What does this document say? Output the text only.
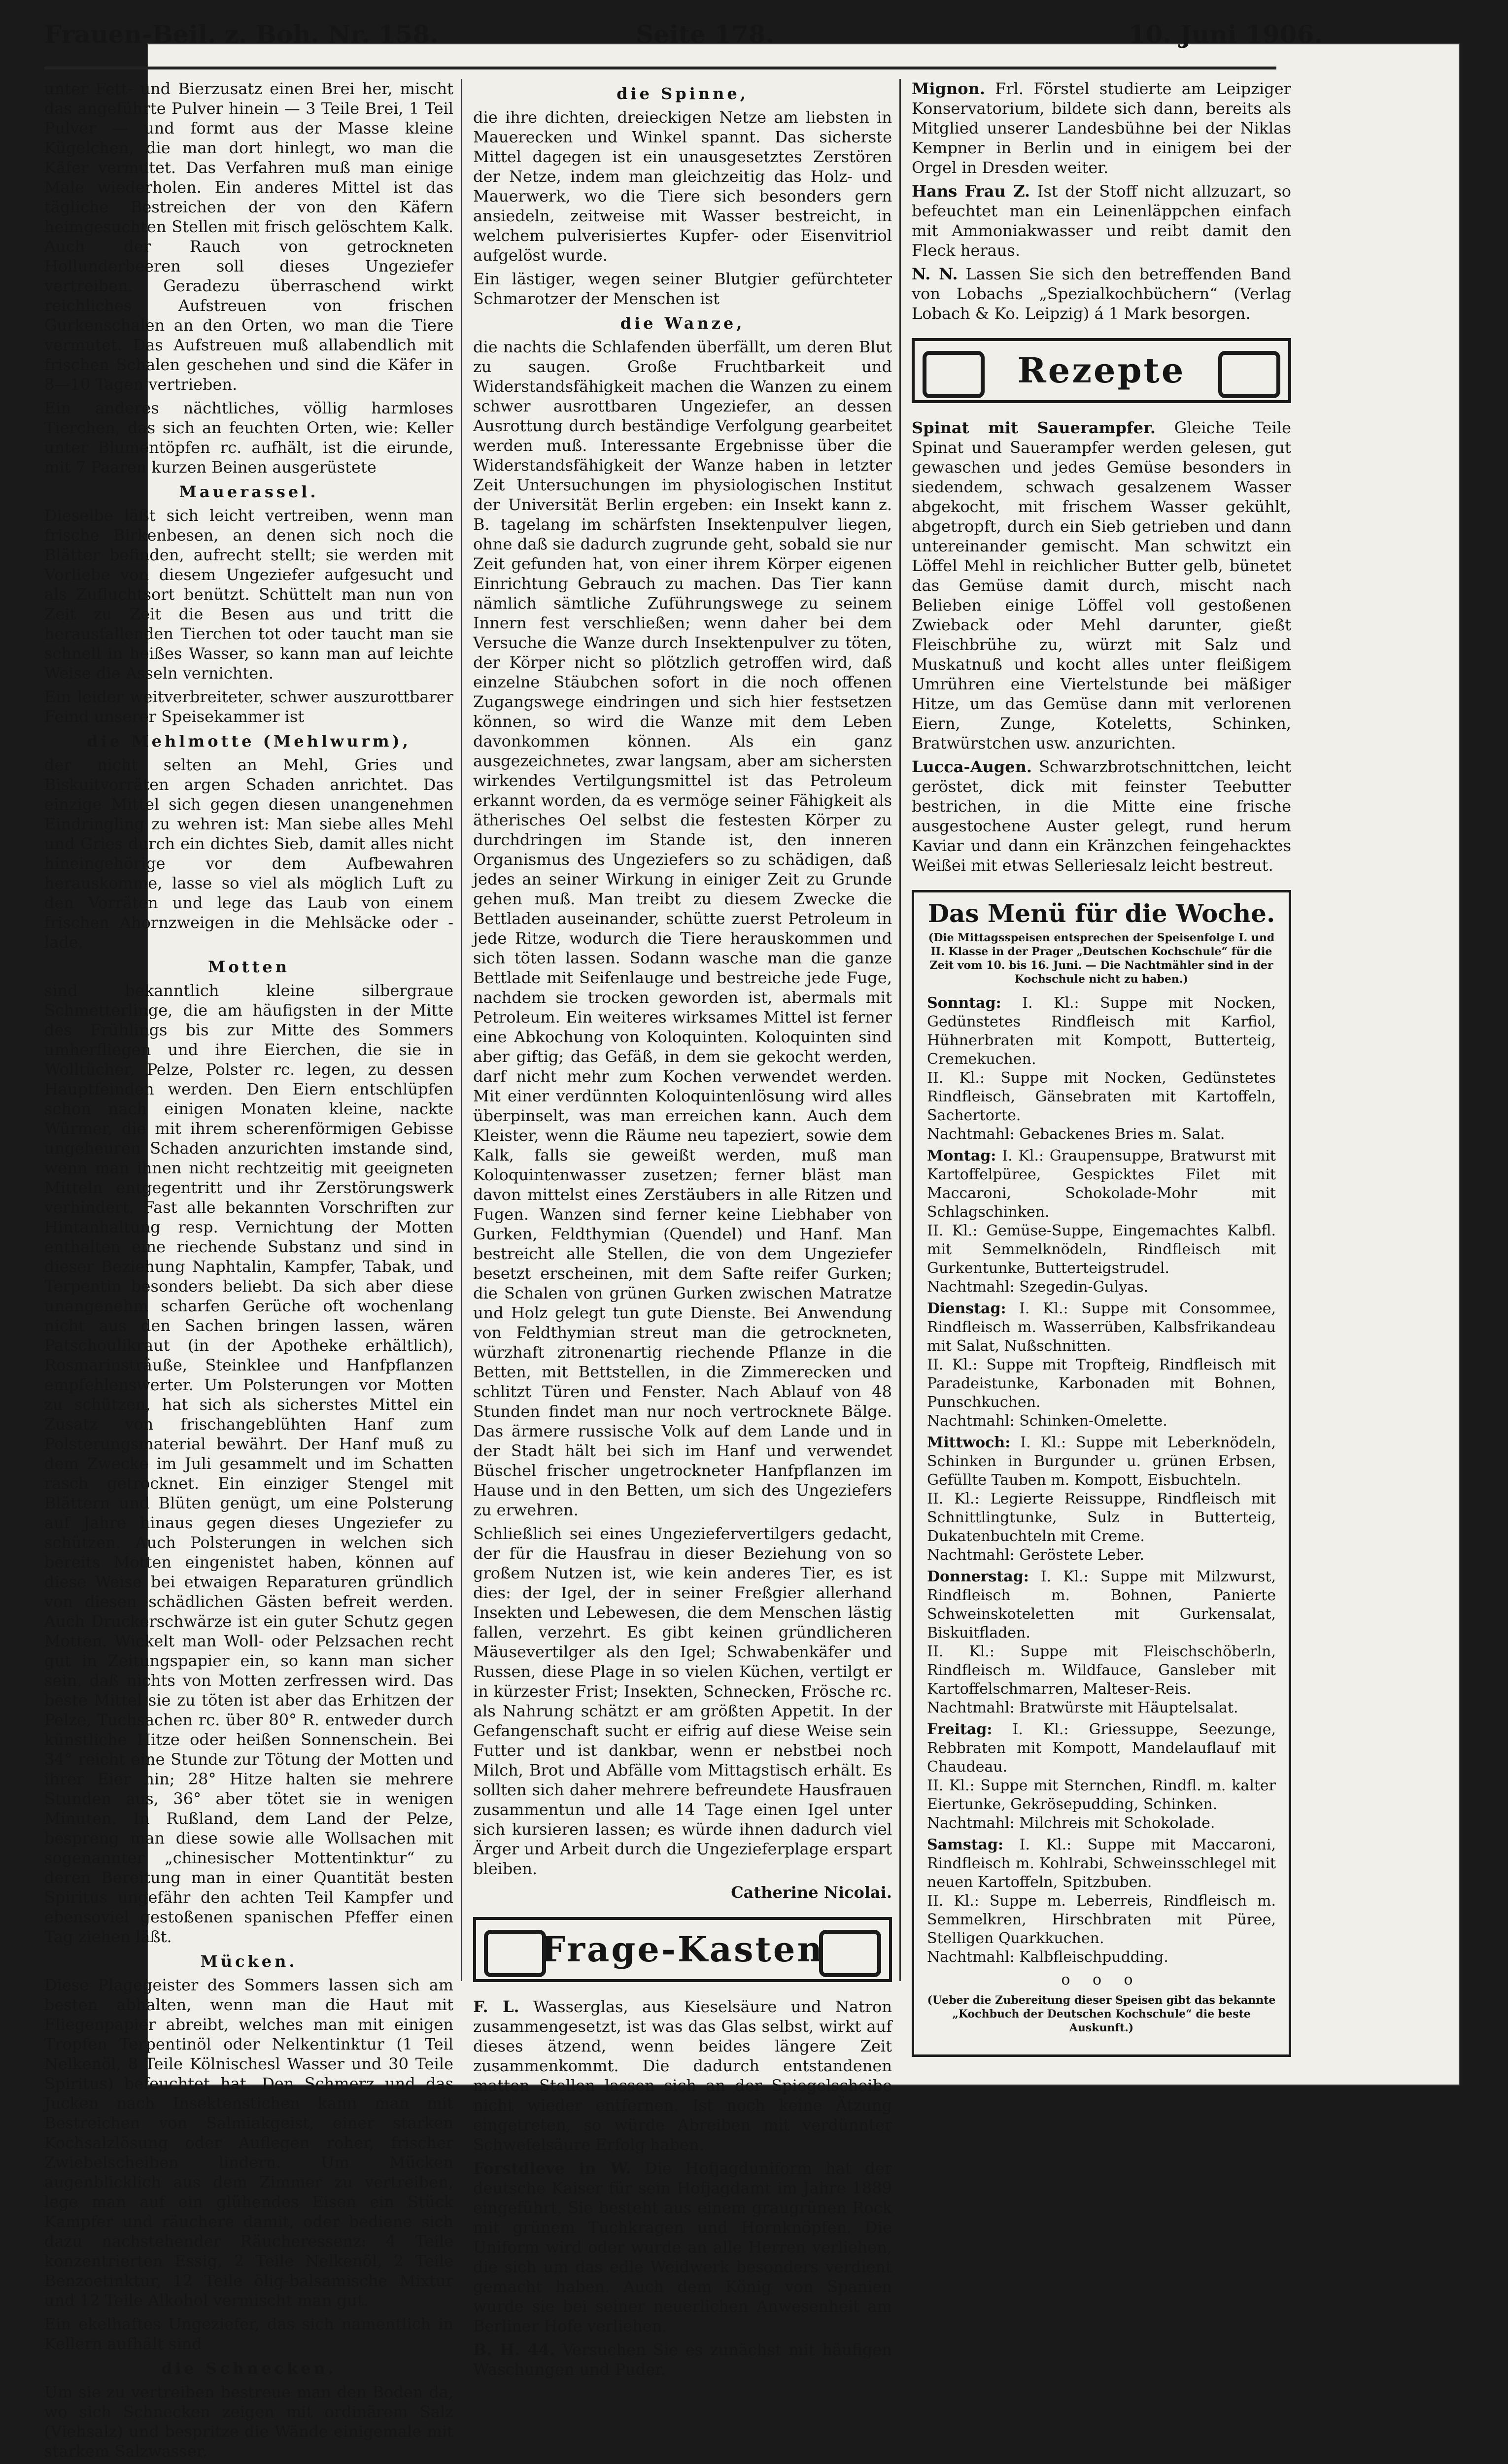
Frauen-Beil. z. Boh. Nr. 158.	Seite 178.	10. Juni 1906.

unter Fett- und Bierzusatz einen Brei her, mischt das angeführte Pulver hinein — 3 Teile Brei, 1 Teil Pulver — und formt aus der Masse kleine Kügelchen, die man dort hinlegt, wo man die Käfer vermutet. Das Verfahren muß man einige Male wiederholen. Ein anderes Mittel ist das tägliche Bestreichen der von den Käfern heimgesuchten Stellen mit frisch gelöschtem Kalk. Auch der Rauch von getrockneten Hollunderbeeren soll dieses Ungeziefer vertreiben. Geradezu überraschend wirkt reichliches Aufstreuen von frischen Gurkenschalen an den Orten, wo man die Tiere vermutet. Das Aufstreuen muß allabendlich mit frischen Schalen geschehen und sind die Käfer in 8—10 Tagen vertrieben.

Ein anderes nächtliches, völlig harmloses Tierchen, das sich an feuchten Orten, wie: Keller unter Blumentöpfen rc. aufhält, ist die eirunde, mit 7 Paaren kurzen Beinen ausgerüstete

Mauerassel.

Dieselbe läßt sich leicht vertreiben, wenn man frische Birkenbesen, an denen sich noch die Blätter befinden, aufrecht stellt; sie werden mit Vorliebe von diesem Ungeziefer aufgesucht und als Zufluchtsort benützt. Schüttelt man nun von Zeit zu Zeit die Besen aus und tritt die herausfallenden Tierchen tot oder taucht man sie schnell in heißes Wasser, so kann man auf leichte Weise die Asseln vernichten.

Ein leider weitverbreiteter, schwer auszurottbarer Feind unserer Speisekammer ist

die Mehlmotte (Mehlwurm),

der nicht selten an Mehl, Gries und Biskuitvorräten argen Schaden anrichtet. Das einzige Mittel sich gegen diesen unangenehmen Eindringling zu wehren ist: Man siebe alles Mehl und Gries durch ein dichtes Sieb, damit alles nicht hineingehörige vor dem Aufbewahren herauskomme, lasse so viel als möglich Luft zu den Vorräten und lege das Laub von einem frischen Ahornzweigen in die Mehlsäcke oder -lade.

Motten

sind bekanntlich kleine silbergraue Schmetterlinge, die am häufigsten in der Mitte des Frühlings bis zur Mitte des Sommers umherfliegen und ihre Eierchen, die sie in Wolltücher, Pelze, Polster rc. legen, zu dessen Hauptfeinden werden. Den Eiern entschlüpfen schon nach einigen Monaten kleine, nackte Würmer, die mit ihrem scherenförmigen Gebisse ungeheuren Schaden anzurichten imstande sind, wenn man ihnen nicht rechtzeitig mit geeigneten Mitteln entgegentritt und ihr Zerstörungswerk verhindert. Fast alle bekannten Vorschriften zur Hintanhaltung resp. Vernichtung der Motten enthalten eine riechende Substanz und sind in dieser Beziehung Naphtalin, Kampfer, Tabak, und Terpentin besonders beliebt. Da sich aber diese unangenehm scharfen Gerüche oft wochenlang nicht aus den Sachen bringen lassen, wären Patschoulikraut (in der Apotheke erhältlich), Rosmarinsträuße, Steinklee und Hanfpflanzen empfehlenswerter. Um Polsterungen vor Motten zu schützen, hat sich als sicherstes Mittel ein Zusatz von frischangeblühten Hanf zum Polsterungsmaterial bewährt. Der Hanf muß zu dem Zwecke im Juli gesammelt und im Schatten rasch getrocknet. Ein einziger Stengel mit Blättern und Blüten genügt, um eine Polsterung auf Jahre hinaus gegen dieses Ungeziefer zu schützen. Auch Polsterungen in welchen sich bereits Motten eingenistet haben, können auf diese Weise bei etwaigen Reparaturen gründlich von diesen schädlichen Gästen befreit werden. Auch Druckerschwärze ist ein guter Schutz gegen Motten. Wickelt man Woll- oder Pelzsachen recht gut in Zeitungspapier ein, so kann man sicher sein, daß nichts von Motten zerfressen wird. Das beste Mittel sie zu töten ist aber das Erhitzen der Pelze, Tuchsachen rc. über 80° R. entweder durch künstliche Hitze oder heißen Sonnenschein. Bei 34° reicht eine Stunde zur Tötung der Motten und ihrer Eier hin; 28° Hitze halten sie mehrere Stunden aus, 36° aber tötet sie in wenigen Minuten. In Rußland, dem Land der Pelze, bespreng man diese sowie alle Wollsachen mit sogenannter „chinesischer Mottentinktur“ zu deren Bereitung man in einer Quantität besten Spiritus ungefähr den achten Teil Kampfer und ebensoviel gestoßenen spanischen Pfeffer einen Tag ziehen läßt.

Mücken.

Diese Plagegeister des Sommers lassen sich am besten abhalten, wenn man die Haut mit Fliegenpapier abreibt, welches man mit einigen Tropfen Terpentinöl oder Nelkentinktur (1 Teil Nelkenöl, 8 Teile Kölnischesl Wasser und 30 Teile Spiritus) befeuchtet hat. Den Schmerz und das Jucken nach Insektenstichen kann man mit Bestreichen von Salmiakgeist, einer starken Kochsalzlösung oder Auflegen roher, frischer Zwiebelscheiben lindern. Um Mücken augenblicklich aus dem Zimmer zu vertreiben, lege man auf ein glühendes Eisen ein Stück Kampfer und räuchere damit, oder bediene sich dazu nachstehender Räucheressenz: 4 Teile konzentrierten Essig, 2 Teile Nelkenöl, 2 Teile Benzoetinktur, 12 Teile ölig-balsamische Mixtur und 12 Teile Alkohol vermischt man gut.

Ein ekelhaftes Ungeziefer, das sich namentlich in Kellern aufhält sind

die Schnecken.

Um sie zu vertreiben bestreue man den Boden da, wo sich Schnecken zeigen mit ordinärem Salz (Viehsalz) und bespritze die Wände einigemale mit starkem Salzwasser.

die Spinne,

die ihre dichten, dreieckigen Netze am liebsten in Mauerecken und Winkel spannt. Das sicherste Mittel dagegen ist ein unausgesetztes Zerstören der Netze, indem man gleichzeitig das Holz- und Mauerwerk, wo die Tiere sich besonders gern ansiedeln, zeitweise mit Wasser bestreicht, in welchem pulverisiertes Kupfer- oder Eisenvitriol aufgelöst wurde.

Ein lästiger, wegen seiner Blutgier gefürchteter Schmarotzer der Menschen ist

die Wanze,

die nachts die Schlafenden überfällt, um deren Blut zu saugen. Große Fruchtbarkeit und Widerstandsfähigkeit machen die Wanzen zu einem schwer ausrottbaren Ungeziefer, an dessen Ausrottung durch beständige Verfolgung gearbeitet werden muß. Interessante Ergebnisse über die Widerstandsfähigkeit der Wanze haben in letzter Zeit Untersuchungen im physiologischen Institut der Universität Berlin ergeben: ein Insekt kann z. B. tagelang im schärfsten Insektenpulver liegen, ohne daß sie dadurch zugrunde geht, sobald sie nur Zeit gefunden hat, von einer ihrem Körper eigenen Einrichtung Gebrauch zu machen. Das Tier kann nämlich sämtliche Zuführungswege zu seinem Innern fest verschließen; wenn daher bei dem Versuche die Wanze durch Insektenpulver zu töten, der Körper nicht so plötzlich getroffen wird, daß einzelne Stäubchen sofort in die noch offenen Zugangswege eindringen und sich hier festsetzen können, so wird die Wanze mit dem Leben davonkommen können. Als ein ganz ausgezeichnetes, zwar langsam, aber am sichersten wirkendes Vertilgungsmittel ist das Petroleum erkannt worden, da es vermöge seiner Fähigkeit als ätherisches Oel selbst die festesten Körper zu durchdringen im Stande ist, den inneren Organismus des Ungeziefers so zu schädigen, daß jedes an seiner Wirkung in einiger Zeit zu Grunde gehen muß. Man treibt zu diesem Zwecke die Bettladen auseinander, schütte zuerst Petroleum in jede Ritze, wodurch die Tiere herauskommen und sich töten lassen. Sodann wasche man die ganze Bettlade mit Seifenlauge und bestreiche jede Fuge, nachdem sie trocken geworden ist, abermals mit Petroleum. Ein weiteres wirksames Mittel ist ferner eine Abkochung von Koloquinten. Koloquinten sind aber giftig; das Gefäß, in dem sie gekocht werden, darf nicht mehr zum Kochen verwendet werden. Mit einer verdünnten Koloquintenlösung wird alles überpinselt, was man erreichen kann. Auch dem Kleister, wenn die Räume neu tapeziert, sowie dem Kalk, falls sie geweißt werden, muß man Koloquintenwasser zusetzen; ferner bläst man davon mittelst eines Zerstäubers in alle Ritzen und Fugen. Wanzen sind ferner keine Liebhaber von Gurken, Feldthymian (Quendel) und Hanf. Man bestreicht alle Stellen, die von dem Ungeziefer besetzt erscheinen, mit dem Safte reifer Gurken; die Schalen von grünen Gurken zwischen Matratze und Holz gelegt tun gute Dienste. Bei Anwendung von Feldthymian streut man die getrockneten, würzhaft zitronenartig riechende Pflanze in die Betten, mit Bettstellen, in die Zimmerecken und schlitzt Türen und Fenster. Nach Ablauf von 48 Stunden findet man nur noch vertrocknete Bälge. Das ärmere russische Volk auf dem Lande und in der Stadt hält bei sich im Hanf und verwendet Büschel frischer ungetrockneter Hanfpflanzen im Hause und in den Betten, um sich des Ungeziefers zu erwehren.

Schließlich sei eines Ungeziefervertilgers gedacht, der für die Hausfrau in dieser Beziehung von so großem Nutzen ist, wie kein anderes Tier, es ist dies: der Igel, der in seiner Freßgier allerhand Insekten und Lebewesen, die dem Menschen lästig fallen, verzehrt. Es gibt keinen gründlicheren Mäusevertilger als den Igel; Schwabenkäfer und Russen, diese Plage in so vielen Küchen, vertilgt er in kürzester Frist; Insekten, Schnecken, Frösche rc. als Nahrung schätzt er am größten Appetit. In der Gefangenschaft sucht er eifrig auf diese Weise sein Futter und ist dankbar, wenn er nebstbei noch Milch, Brot und Abfälle vom Mittagstisch erhält. Es sollten sich daher mehrere befreundete Hausfrauen zusammentun und alle 14 Tage einen Igel unter sich kursieren lassen; es würde ihnen dadurch viel Ärger und Arbeit durch die Ungezieferplage erspart bleiben.

Catherine Nicolai.
Frage-Kasten

F. L. Wasserglas, aus Kieselsäure und Natron zusammengesetzt, ist was das Glas selbst, wirkt auf dieses ätzend, wenn beides längere Zeit zusammenkommt. Die dadurch entstandenen matten Stellen lassen sich an der Spiegelscheibe nicht wieder entfernen. Ist noch keine Ätzung eingetreten, so würde Abreiben mit verdünnter Schwefelsäure Erfolg haben.

Forstdleve in W. Die Hofjagduniform hat der deutsche Kaiser für sein Hofjagdamt im Jahre 1889 eingeführt. Sie besteht aus einem graugrünen Rock mit grünem Tuchkragen und Hornknöpfen. Die Uniform wird oder wurde an alle Herren verliehen, die sich um das edle Weidwerk besonders verdient gemacht haben. Auch dem König von Spanien wurde sie bei seiner neuerlichen Anwesenheit am Berliner Hofe verliehen.

B. H. 44. Versuchen Sie es zunächst mit häufigen Waschungen und Puder.

Mignon. Frl. Förstel studierte am Leipziger Konservatorium, bildete sich dann, bereits als Mitglied unserer Landesbühne bei der Niklas Kempner in Berlin und in einigem bei der Orgel in Dresden weiter.

Hans Frau Z. Ist der Stoff nicht allzuzart, so befeuchtet man ein Leinenläppchen einfach mit Ammoniakwasser und reibt damit den Fleck heraus.

N. N. Lassen Sie sich den betreffenden Band von Lobachs „Spezialkochbüchern“ (Verlag Lobach & Ko. Leipzig) á 1 Mark besorgen.

Rezepte

Spinat mit Sauerampfer. Gleiche Teile Spinat und Sauerampfer werden gelesen, gut gewaschen und jedes Gemüse besonders in siedendem, schwach gesalzenem Wasser abgekocht, mit frischem Wasser gekühlt, abgetropft, durch ein Sieb getrieben und dann untereinander gemischt. Man schwitzt ein Löffel Mehl in reichlicher Butter gelb, bünetet das Gemüse damit durch, mischt nach Belieben einige Löffel voll gestoßenen Zwieback oder Mehl darunter, gießt Fleischbrühe zu, würzt mit Salz und Muskatnuß und kocht alles unter fleißigem Umrühren eine Viertelstunde bei mäßiger Hitze, um das Gemüse dann mit verlorenen Eiern, Zunge, Koteletts, Schinken, Bratwürstchen usw. anzurichten.

Lucca-Augen. Schwarzbrotschnittchen, leicht geröstet, dick mit feinster Teebutter bestrichen, in die Mitte eine frische ausgestochene Auster gelegt, rund herum Kaviar und dann ein Kränzchen feingehacktes Weißei mit etwas Selleriesalz leicht bestreut.

Das Menü für die Woche.
(Die Mittagsspeisen entsprechen der Speisenfolge I. und II. Klasse in der Prager „Deutschen Kochschule“ für die Zeit vom 10. bis 16. Juni. — Die Nachtmähler sind in der Kochschule nicht zu haben.)
Sonntag: I. Kl.: Suppe mit Nocken, Gedünstetes Rindfleisch mit Karfiol, Hühnerbraten mit Kompott, Butterteig, Cremekuchen.
II. Kl.: Suppe mit Nocken, Gedünstetes Rindfleisch, Gänsebraten mit Kartoffeln, Sachertorte.
Nachtmahl: Gebackenes Bries m. Salat.
Montag: I. Kl.: Graupensuppe, Bratwurst mit Kartoffelpüree, Gespicktes Filet mit Maccaroni, Schokolade-Mohr mit Schlagschinken.
II. Kl.: Gemüse-Suppe, Eingemachtes Kalbfl. mit Semmelknödeln, Rindfleisch mit Gurkentunke, Butterteigstrudel.
Nachtmahl: Szegedin-Gulyas.
Dienstag: I. Kl.: Suppe mit Consommee, Rindfleisch m. Wasserrüben, Kalbsfrikandeau mit Salat, Nußschnitten.
II. Kl.: Suppe mit Tropfteig, Rindfleisch mit Paradeistunke, Karbonaden mit Bohnen, Punschkuchen.
Nachtmahl: Schinken-Omelette.
Mittwoch: I. Kl.: Suppe mit Leberknödeln, Schinken in Burgunder u. grünen Erbsen, Gefüllte Tauben m. Kompott, Eisbuchteln.
II. Kl.: Legierte Reissuppe, Rindfleisch mit Schnittlingtunke, Sulz in Butterteig, Dukatenbuchteln mit Creme.
Nachtmahl: Geröstete Leber.
Donnerstag: I. Kl.: Suppe mit Milzwurst, Rindfleisch m. Bohnen, Panierte Schweinskoteletten mit Gurkensalat, Biskuitfladen.
II. Kl.: Suppe mit Fleischschöberln, Rindfleisch m. Wildfauce, Gansleber mit Kartoffelschmarren, Malteser-Reis.
Nachtmahl: Bratwürste mit Häuptelsalat.
Freitag: I. Kl.: Griessuppe, Seezunge, Rebbraten mit Kompott, Mandelauflauf mit Chaudeau.
II. Kl.: Suppe mit Sternchen, Rindfl. m. kalter Eiertunke, Gekrösepudding, Schinken.
Nachtmahl: Milchreis mit Schokolade.
Samstag: I. Kl.: Suppe mit Maccaroni, Rindfleisch m. Kohlrabi, Schweinsschlegel mit neuen Kartoffeln, Spitzbuben.
II. Kl.: Suppe m. Leberreis, Rindfleisch m. Semmelkren, Hirschbraten mit Püree, Stelligen Quarkkuchen.
Nachtmahl: Kalbfleischpudding.
o o o
(Ueber die Zubereitung dieser Speisen gibt das bekannte „Kochbuch der Deutschen Kochschule“ die beste Auskunft.)
